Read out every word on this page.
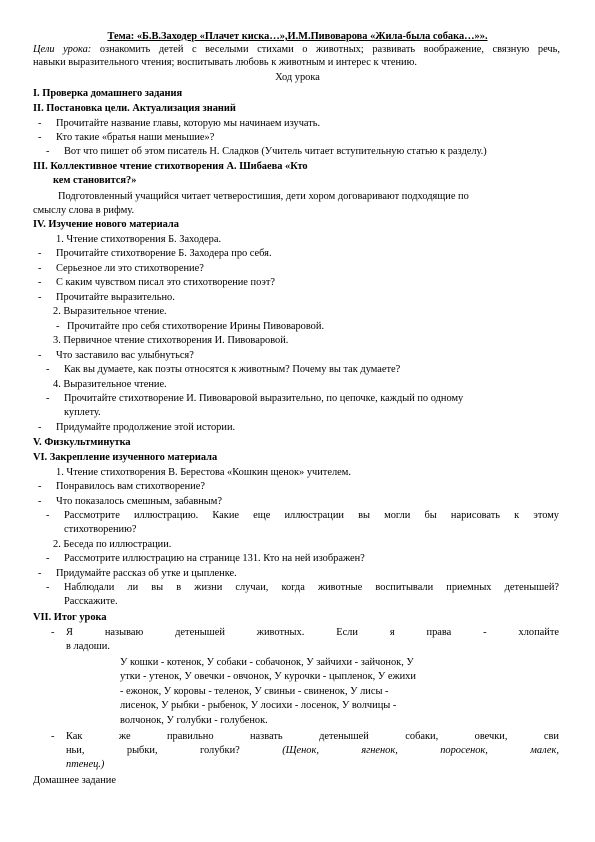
Тема: «Б.В.Заходер «Плачет киска…»,И.М.Пивоварова «Жила-была собака…»».
Цели урока: ознакомить детей с веселыми стихами о животных; развивать воображение, связную речь,
навыки выразительного чтения; воспитывать любовь к животным и интерес к чтению.
Ход урока
I. Проверка домашнего задания
II. Постановка цели. Актуализация знаний
- Прочитайте название главы, которую мы начинаем изучать.
- Кто такие «братья наши меньшие»?
- Вот что пишет об этом писатель Н. Сладков (Учитель читает вступительную статью к разделу.)
III. Коллективное чтение стихотворения А. Шибаева «Кто
кем становится?»
Подготовленный учащийся читает четверостишия, дети хором договаривают подходящие по
смыслу слова в рифму.
IV. Изучение нового материала
1. Чтение стихотворения Б. Заходера.
- Прочитайте стихотворение Б. Заходера про себя.
- Серьезное ли это стихотворение?
- С каким чувством писал это стихотворение поэт?
- Прочитайте выразительно.
2. Выразительное чтение.
- Прочитайте про себя стихотворение Ирины Пивоваровой.
3. Первичное чтение стихотворения И. Пивоваровой.
- Что заставило вас улыбнуться?
- Как вы думаете, как поэты относятся к животным? Почему вы так думаете?
4. Выразительное чтение.
- Прочитайте стихотворение И. Пивоваровой выразительно, по цепочке, каждый по одному
куплету.
- Придумайте продолжение этой истории.
V. Физкультминутка
VI. Закрепление изученного материала
1. Чтение стихотворения В. Берестова «Кошкин щенок» учителем.
- Понравилось вам стихотворение?
- Что показалось смешным, забавным?
- Рассмотрите иллюстрацию. Какие еще иллюстрации вы могли бы нарисовать к этому
стихотворению?
2. Беседа по иллюстрации.
- Рассмотрите иллюстрацию на странице 131. Кто на ней изображен?
- Придумайте рассказ об утке и цыпленке.
- Наблюдали ли вы в жизни случаи, когда животные воспитывали приемных детенышей?
Расскажите.
VII. Итог урока
- Я называю детенышей животных. Если я права - хлопайте
в ладоши.
У кошки - котенок, У собаки - собачонок, У зайчихи - зайчонок, У
утки - утенок, У овечки - овчонок, У курочки - цыпленок, У ежихи
- ежонок, У коровы - теленок, У свиньи - свиненок, У лисы -
лисенок, У рыбки - рыбенок, У лосихи - лосенок, У волчицы -
волчонок, У голубки - голубенок.
- Как же правильно назвать детенышей собаки, овечки, сви
ньи, рыбки, голубки?	(Щенок, ягненок, поросенок, малек,
птенец.)
Домашнее задание
